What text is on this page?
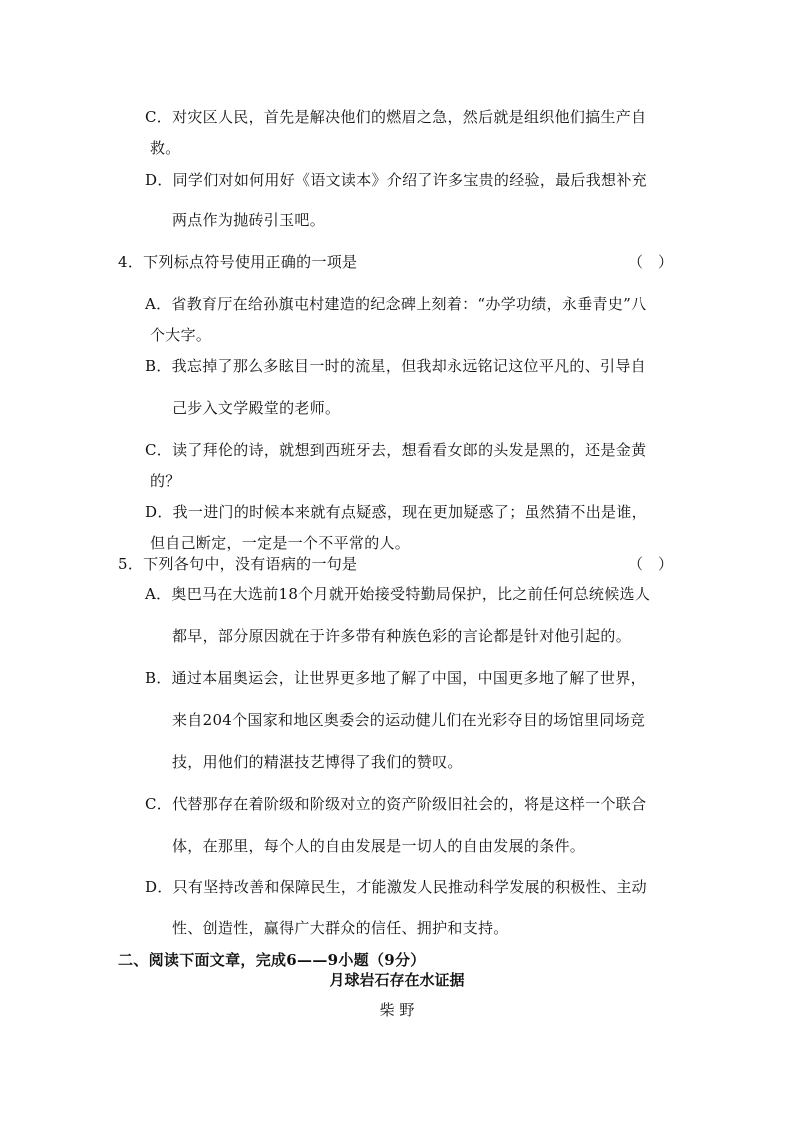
C．对灾区人民，首先是解决他们的燃眉之急，然后就是组织他们搞生产自
救。
D．同学们对如何用好《语文读本》介绍了许多宝贵的经验，最后我想补充
两点作为抛砖引玉吧。
4．下列标点符号使用正确的一项是	（　）
A．省教育厅在给孙旗屯村建造的纪念碑上刻着：“办学功绩，永垂青史”八
个大字。
B．我忘掉了那么多眩目一时的流星，但我却永远铭记这位平凡的、引导自
己步入文学殿堂的老师。
C．读了拜伦的诗，就想到西班牙去，想看看女郎的头发是黑的，还是金黄
的？
D．我一进门的时候本来就有点疑惑，现在更加疑惑了；虽然猜不出是谁，
但自己断定，一定是一个不平常的人。
5．下列各句中，没有语病的一句是	（　）
A．奥巴马在大选前18个月就开始接受特勤局保护，比之前任何总统候选人
都早，部分原因就在于许多带有种族色彩的言论都是针对他引起的。
B．通过本届奥运会，让世界更多地了解了中国，中国更多地了解了世界，
来自204个国家和地区奥委会的运动健儿们在光彩夺目的场馆里同场竞
技，用他们的精湛技艺博得了我们的赞叹。
C．代替那存在着阶级和阶级对立的资产阶级旧社会的，将是这样一个联合
体，在那里，每个人的自由发展是一切人的自由发展的条件。
D．只有坚持改善和保障民生，才能激发人民推动科学发展的积极性、主动
性、创造性，赢得广大群众的信任、拥护和支持。
二、阅读下面文章，完成6——9小题（9分）
月球岩石存在水证据
柴 野
